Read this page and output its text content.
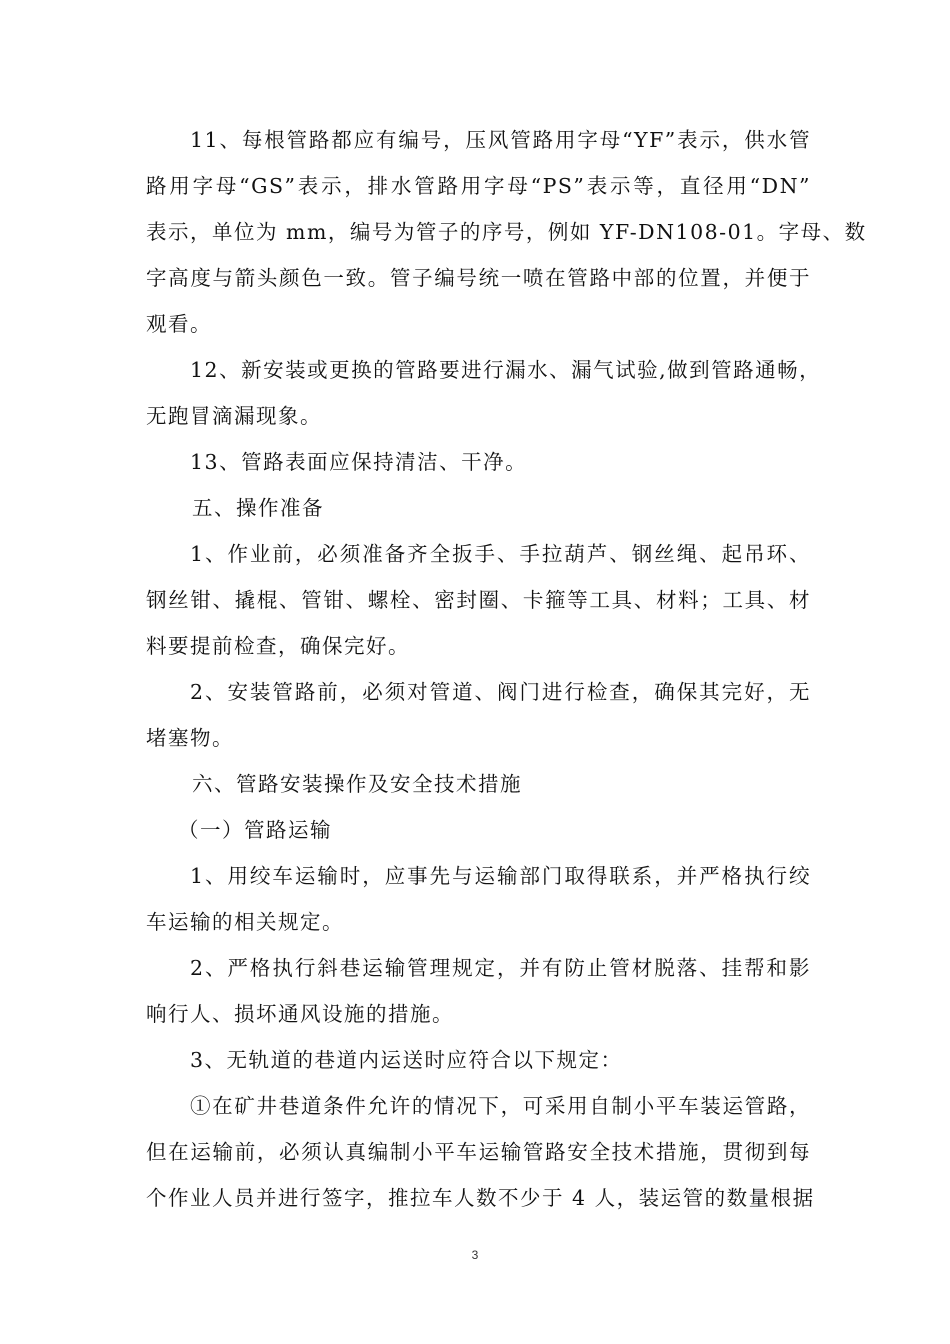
11、每根管路都应有编号，压风管路用字母“YF”表示，供水管
路用字母“GS”表示，排水管路用字母“PS”表示等，直径用“DN”
表示，单位为 mm，编号为管子的序号，例如 YF-DN108-01。字母、数
字高度与箭头颜色一致。管子编号统一喷在管路中部的位置，并便于
观看。
12、新安装或更换的管路要进行漏水、漏气试验,做到管路通畅，
无跑冒滴漏现象。
13、管路表面应保持清洁、干净。
五、操作准备
1、作业前，必须准备齐全扳手、手拉葫芦、钢丝绳、起吊环、
钢丝钳、撬棍、管钳、螺栓、密封圈、卡箍等工具、材料；工具、材
料要提前检查，确保完好。
2、安装管路前，必须对管道、阀门进行检查，确保其完好，无
堵塞物。
六、管路安装操作及安全技术措施
（一）管路运输
1、用绞车运输时，应事先与运输部门取得联系，并严格执行绞
车运输的相关规定。
2、严格执行斜巷运输管理规定，并有防止管材脱落、挂帮和影
响行人、损坏通风设施的措施。
3、无轨道的巷道内运送时应符合以下规定：
①在矿井巷道条件允许的情况下，可采用自制小平车装运管路，
但在运输前，必须认真编制小平车运输管路安全技术措施，贯彻到每
个作业人员并进行签字，推拉车人数不少于 4 人，装运管的数量根据
3
